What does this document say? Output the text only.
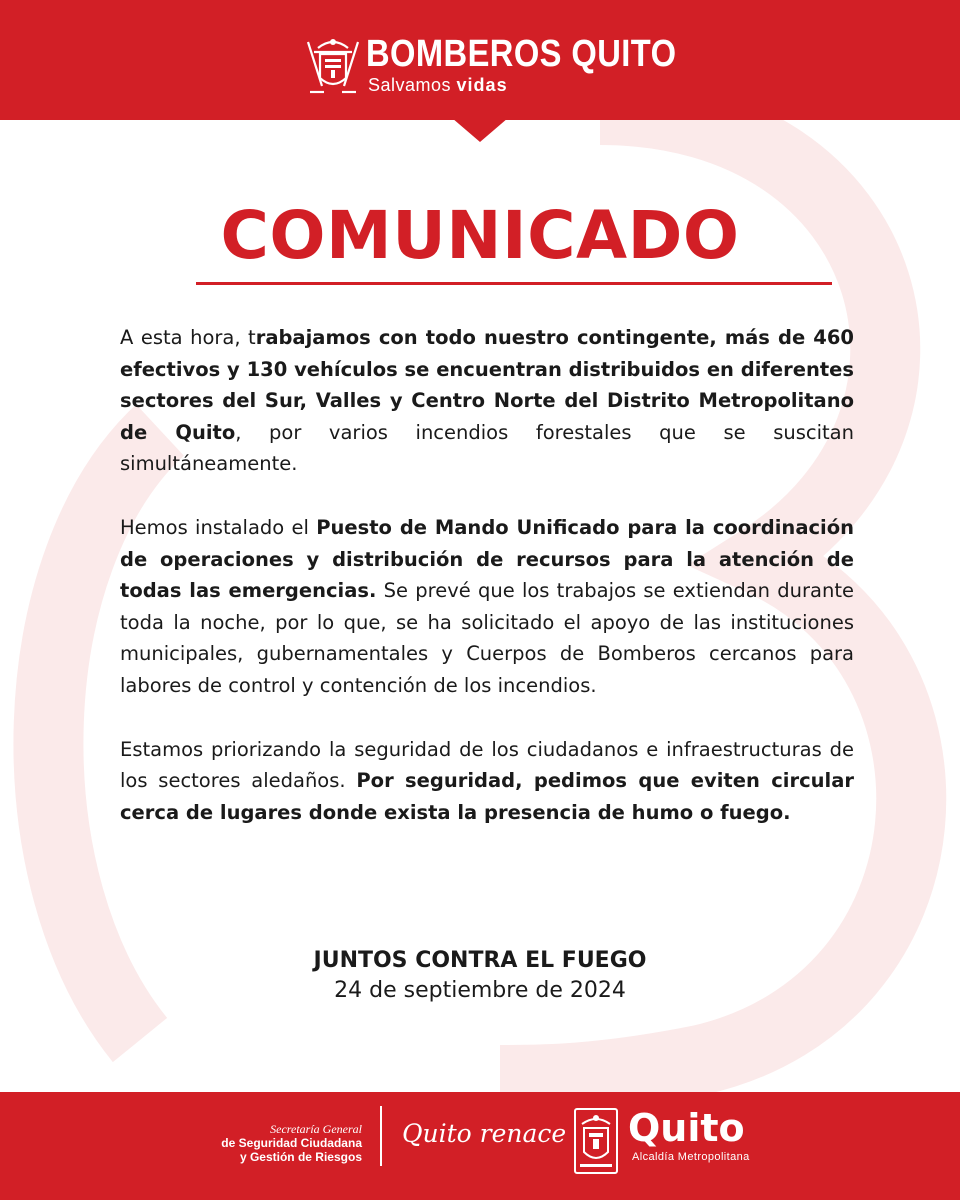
BOMBEROS QUITO
Salvamos vidas
COMUNICADO

A esta hora, trabajamos con todo nuestro contingente, más de 460 efectivos y 130 vehículos se encuentran distribuidos en diferentes sectores del Sur, Valles y Centro Norte del Distrito Metropolitano de Quito, por varios incendios forestales que se suscitan simultáneamente.

Hemos instalado el Puesto de Mando Unificado para la coordinación de operaciones y distribución de recursos para la atención de todas las emergencias. Se prevé que los trabajos se extiendan durante toda la noche, por lo que, se ha solicitado el apoyo de las instituciones municipales, gubernamentales y Cuerpos de Bomberos cercanos para labores de control y contención de los incendios.

Estamos priorizando la seguridad de los ciudadanos e infraestructuras de los sectores aledaños. Por seguridad, pedimos que eviten circular cerca de lugares donde exista la presencia de humo o fuego.

JUNTOS CONTRA EL FUEGO
24 de septiembre de 2024
Secretaría General
de Seguridad Ciudadana
y Gestión de Riesgos
Quito renace Quito
Alcaldía Metropolitana
